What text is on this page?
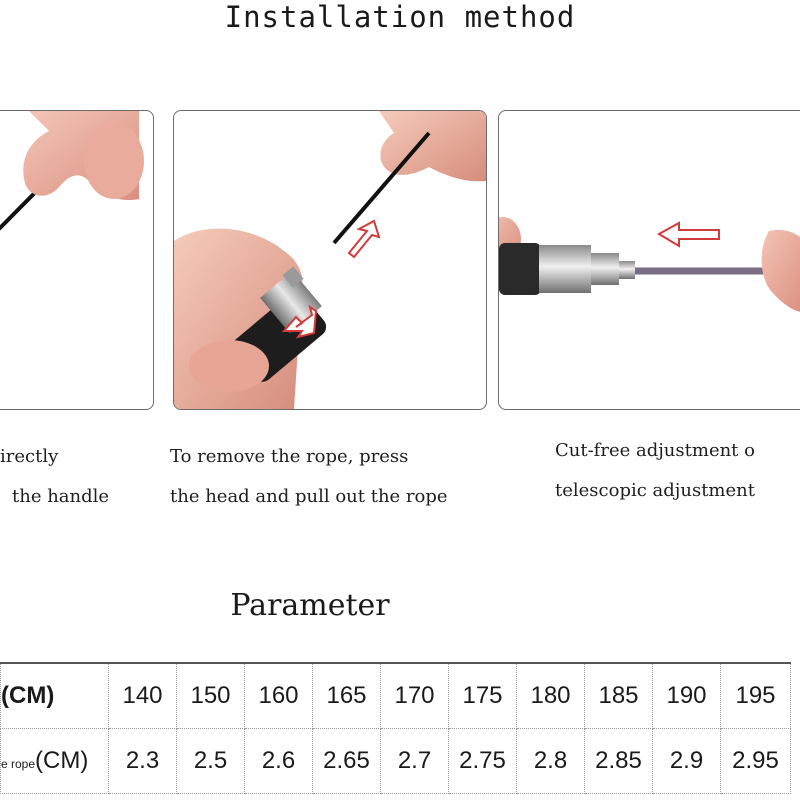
Installation method
irectly
the handle
To remove the rope, press
the head and pull out the rope
Cut-free adjustment o
telescopic adjustment
Parameter
(CM)	140	150	160	165	170	175	180	185	190	195
e rope(CM)	2.3	2.5	2.6	2.65	2.7	2.75	2.8	2.85	2.9	2.95
